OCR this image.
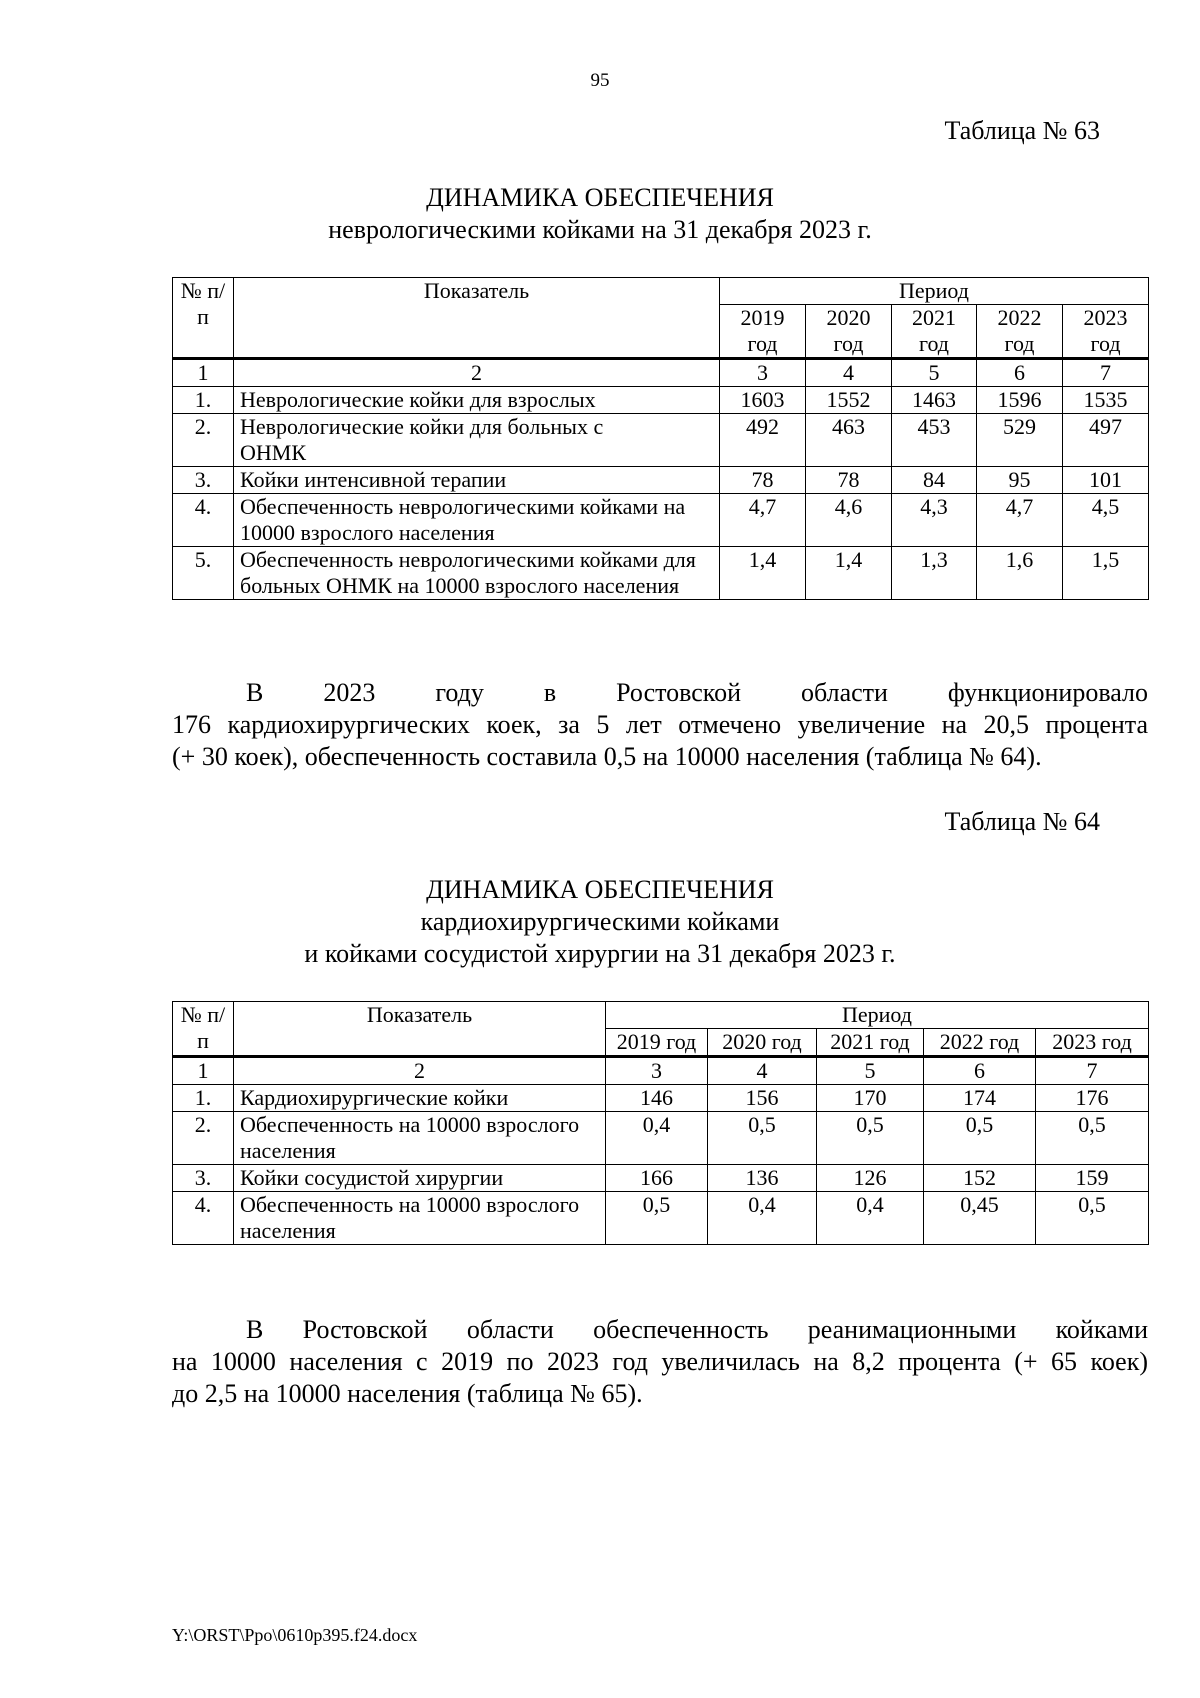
95
Таблица № 63
ДИНАМИКА ОБЕСПЕЧЕНИЯ
неврологическими койками на 31 декабря 2023 г.
№ п/п	Показатель	Период				
		2019 год	2020 год	2021 год	2022 год	2023 год
1	2	3	4	5	6	7
1.	Неврологические койки для взрослых	1603	1552	1463	1596	1535
2.	Неврологические койки для больных с ОНМК	492	463	453	529	497
3.	Койки интенсивной терапии	78	78	84	95	101
4.	Обеспеченность неврологическими койками на 10000 взрослого населения	4,7	4,6	4,3	4,7	4,5
5.	Обеспеченность неврологическими койками для больных ОНМК на 10000 взрослого населения	1,4	1,4	1,3	1,6	1,5
В 2023 году в Ростовской области функционировало
176 кардиохирургических коек, за 5 лет отмечено увеличение на 20,5 процента
(+ 30 коек), обеспеченность составила 0,5 на 10000 населения (таблица № 64).
Таблица № 64
ДИНАМИКА ОБЕСПЕЧЕНИЯ
кардиохирургическими койками
и койками сосудистой хирургии на 31 декабря 2023 г.
№ п/п	Показатель	Период				
		2019 год	2020 год	2021 год	2022 год	2023 год
1	2	3	4	5	6	7
1.	Кардиохирургические койки	146	156	170	174	176
2.	Обеспеченность на 10000 взрослого населения	0,4	0,5	0,5	0,5	0,5
3.	Койки сосудистой хирургии	166	136	126	152	159
4.	Обеспеченность на 10000 взрослого населения	0,5	0,4	0,4	0,45	0,5
В Ростовской области обеспеченность реанимационными койками
на 10000 населения с 2019 по 2023 год увеличилась на 8,2 процента (+ 65 коек)
до 2,5 на 10000 населения (таблица № 65).
Y:\ORST\Ppo\0610p395.f24.docx
